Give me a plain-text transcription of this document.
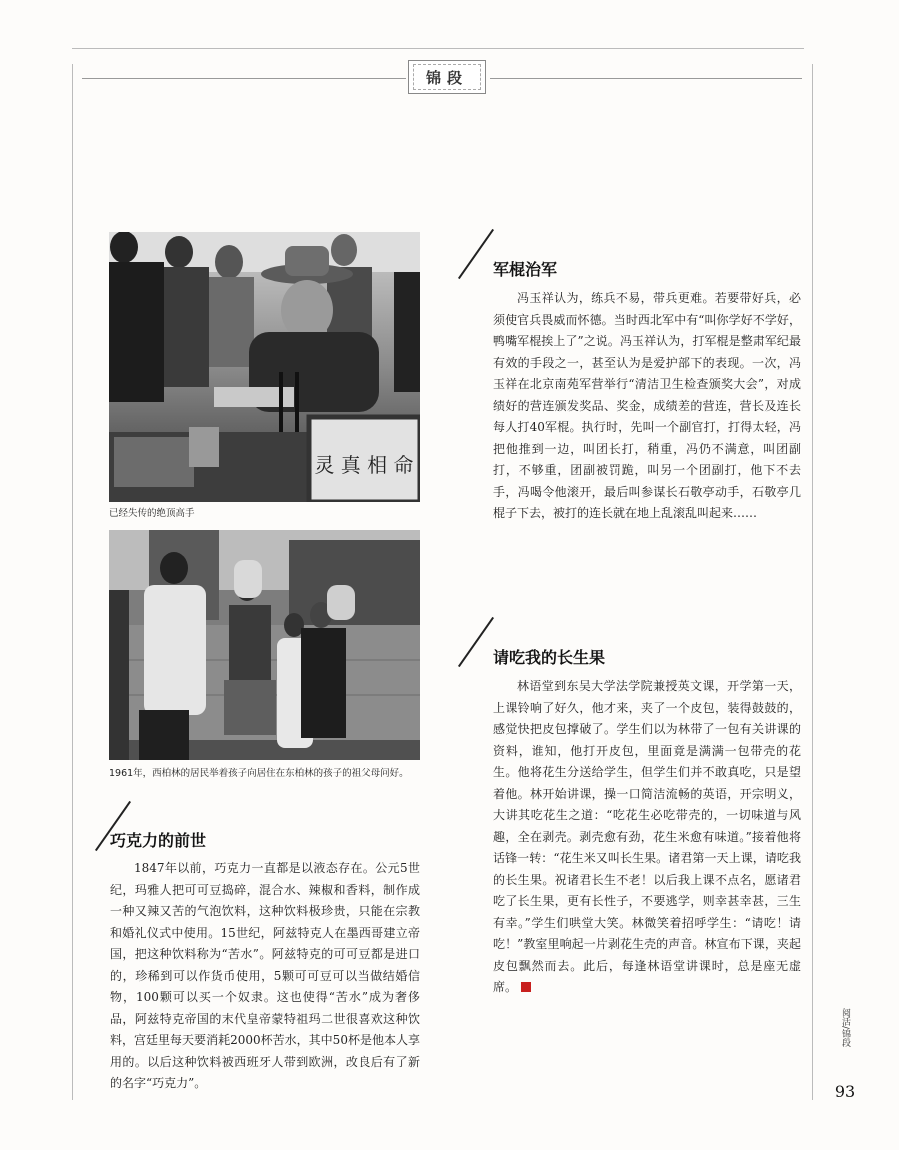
锦段
灵 真 相 命
已经失传的绝顶高手
1961年，西柏林的居民举着孩子向居住在东柏林的孩子的祖父母问好。
军棍治军
冯玉祥认为，练兵不易，带兵更难。若要带好兵，必须使官兵畏威而怀德。当时西北军中有“叫你学好不学好，鸭嘴军棍挨上了”之说。冯玉祥认为，打军棍是整肃军纪最有效的手段之一，甚至认为是爱护部下的表现。一次，冯玉祥在北京南苑军营举行“清洁卫生检查颁奖大会”，对成绩好的营连颁发奖品、奖金，成绩差的营连，营长及连长每人打40军棍。执行时，先叫一个副官打，打得太轻，冯把他推到一边，叫团长打，稍重，冯仍不满意，叫团副打，不够重，团副被罚跪，叫另一个团副打，他下不去手，冯喝令他滚开，最后叫参谋长石敬亭动手，石敬亭几棍子下去，被打的连长就在地上乱滚乱叫起来……
请吃我的长生果
林语堂到东吴大学法学院兼授英文课，开学第一天，上课铃响了好久，他才来，夹了一个皮包，装得鼓鼓的，感觉快把皮包撑破了。学生们以为林带了一包有关讲课的资料，谁知，他打开皮包，里面竟是满满一包带壳的花生。他将花生分送给学生，但学生们并不敢真吃，只是望着他。林开始讲课，操一口简洁流畅的英语，开宗明义，大讲其吃花生之道：“吃花生必吃带壳的，一切味道与风趣，全在剥壳。剥壳愈有劲，花生米愈有味道。”接着他将话锋一转：“花生米又叫长生果。诸君第一天上课，请吃我的长生果。祝诸君长生不老！以后我上课不点名，愿诸君吃了长生果，更有长性子，不要逃学，则幸甚幸甚，三生有幸。”学生们哄堂大笑。林微笑着招呼学生：“请吃！请吃！”教室里响起一片剥花生壳的声音。林宣布下课，夹起皮包飘然而去。此后，每逢林语堂讲课时，总是座无虚席。
巧克力的前世
1847年以前，巧克力一直都是以液态存在。公元5世纪，玛雅人把可可豆捣碎，混合水、辣椒和香料，制作成一种又辣又苦的气泡饮料，这种饮料极珍贵，只能在宗教和婚礼仪式中使用。15世纪，阿兹特克人在墨西哥建立帝国，把这种饮料称为“苦水”。阿兹特克的可可豆都是进口的，珍稀到可以作货币使用，5颗可可豆可以当做结婚信物，100颗可以买一个奴隶。这也使得“苦水”成为奢侈品，阿兹特克帝国的末代皇帝蒙特祖玛二世很喜欢这种饮料，宫廷里每天要消耗2000杯苦水，其中50杯是他本人享用的。以后这种饮料被西班牙人带到欧洲，改良后有了新的名字“巧克力”。
阅活/锦段
93
